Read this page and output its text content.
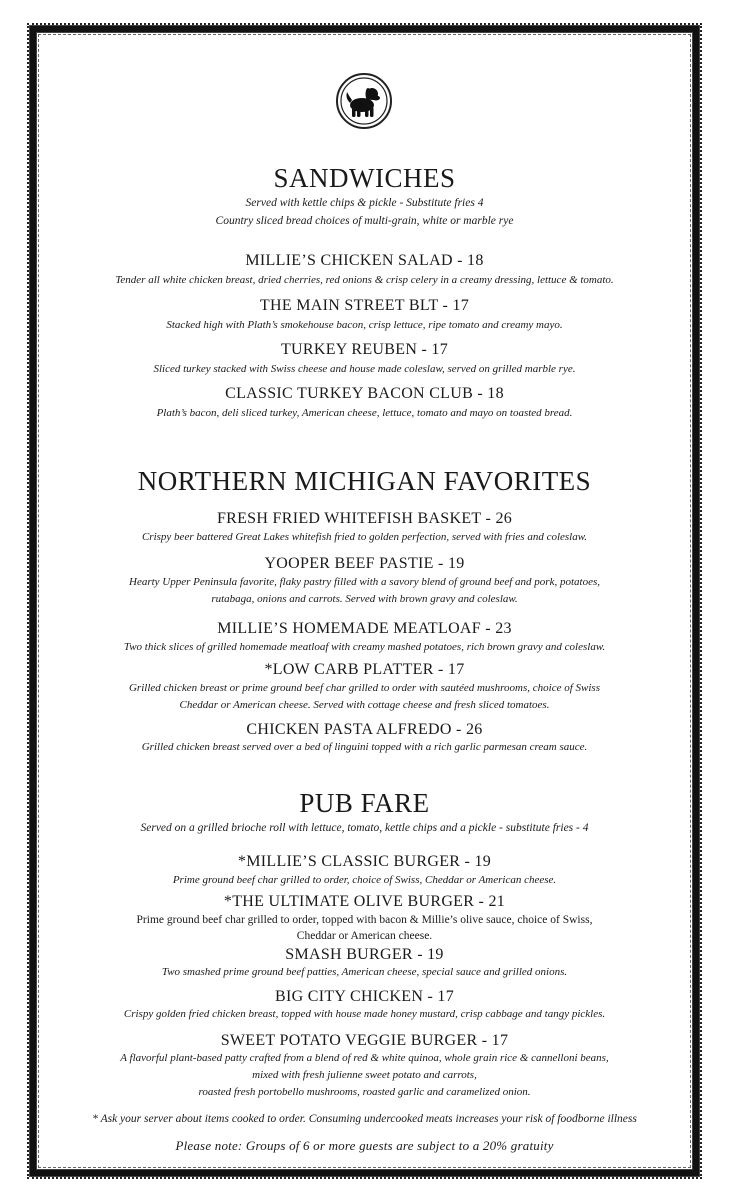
SANDWICHES
Served with kettle chips & pickle - Substitute fries 4
Country sliced bread choices of multi-grain, white or marble rye
MILLIE’S CHICKEN SALAD - 18
Tender all white chicken breast, dried cherries, red onions & crisp celery in a creamy dressing, lettuce & tomato.
THE MAIN STREET BLT - 17
Stacked high with Plath’s smokehouse bacon, crisp lettuce, ripe tomato and creamy mayo.
TURKEY REUBEN - 17
Sliced turkey stacked with Swiss cheese and house made coleslaw, served on grilled marble rye.
CLASSIC TURKEY BACON CLUB - 18
Plath’s bacon, deli sliced turkey, American cheese, lettuce, tomato and mayo on toasted bread.
NORTHERN MICHIGAN FAVORITES
FRESH FRIED WHITEFISH BASKET - 26
Crispy beer battered Great Lakes whitefish fried to golden perfection, served with fries and coleslaw.
YOOPER BEEF PASTIE - 19
Hearty Upper Peninsula favorite, flaky pastry filled with a savory blend of ground beef and pork, potatoes,
rutabaga, onions and carrots. Served with brown gravy and coleslaw.
MILLIE’S HOMEMADE MEATLOAF - 23
Two thick slices of grilled homemade meatloaf with creamy mashed potatoes, rich brown gravy and coleslaw.
*LOW CARB PLATTER - 17
Grilled chicken breast or prime ground beef char grilled to order with sautéed mushrooms, choice of Swiss
Cheddar or American cheese. Served with cottage cheese and fresh sliced tomatoes.
CHICKEN PASTA ALFREDO - 26
Grilled chicken breast served over a bed of linguini topped with a rich garlic parmesan cream sauce.
PUB FARE
Served on a grilled brioche roll with lettuce, tomato, kettle chips and a pickle - substitute fries - 4
*MILLIE’S CLASSIC BURGER - 19
Prime ground beef char grilled to order, choice of Swiss, Cheddar or American cheese.
*THE ULTIMATE OLIVE BURGER - 21
Prime ground beef char grilled to order, topped with bacon & Millie’s olive sauce, choice of Swiss,
Cheddar or American cheese.
SMASH BURGER - 19
Two smashed prime ground beef patties, American cheese, special sauce and grilled onions.
BIG CITY CHICKEN - 17
Crispy golden fried chicken breast, topped with house made honey mustard, crisp cabbage and tangy pickles.
SWEET POTATO VEGGIE BURGER - 17
A flavorful plant-based patty crafted from a blend of red & white quinoa, whole grain rice & cannelloni beans,
mixed with fresh julienne sweet potato and carrots,
roasted fresh portobello mushrooms, roasted garlic and caramelized onion.
* Ask your server about items cooked to order. Consuming undercooked meats increases your risk of foodborne illness
Please note: Groups of 6 or more guests are subject to a 20% gratuity
